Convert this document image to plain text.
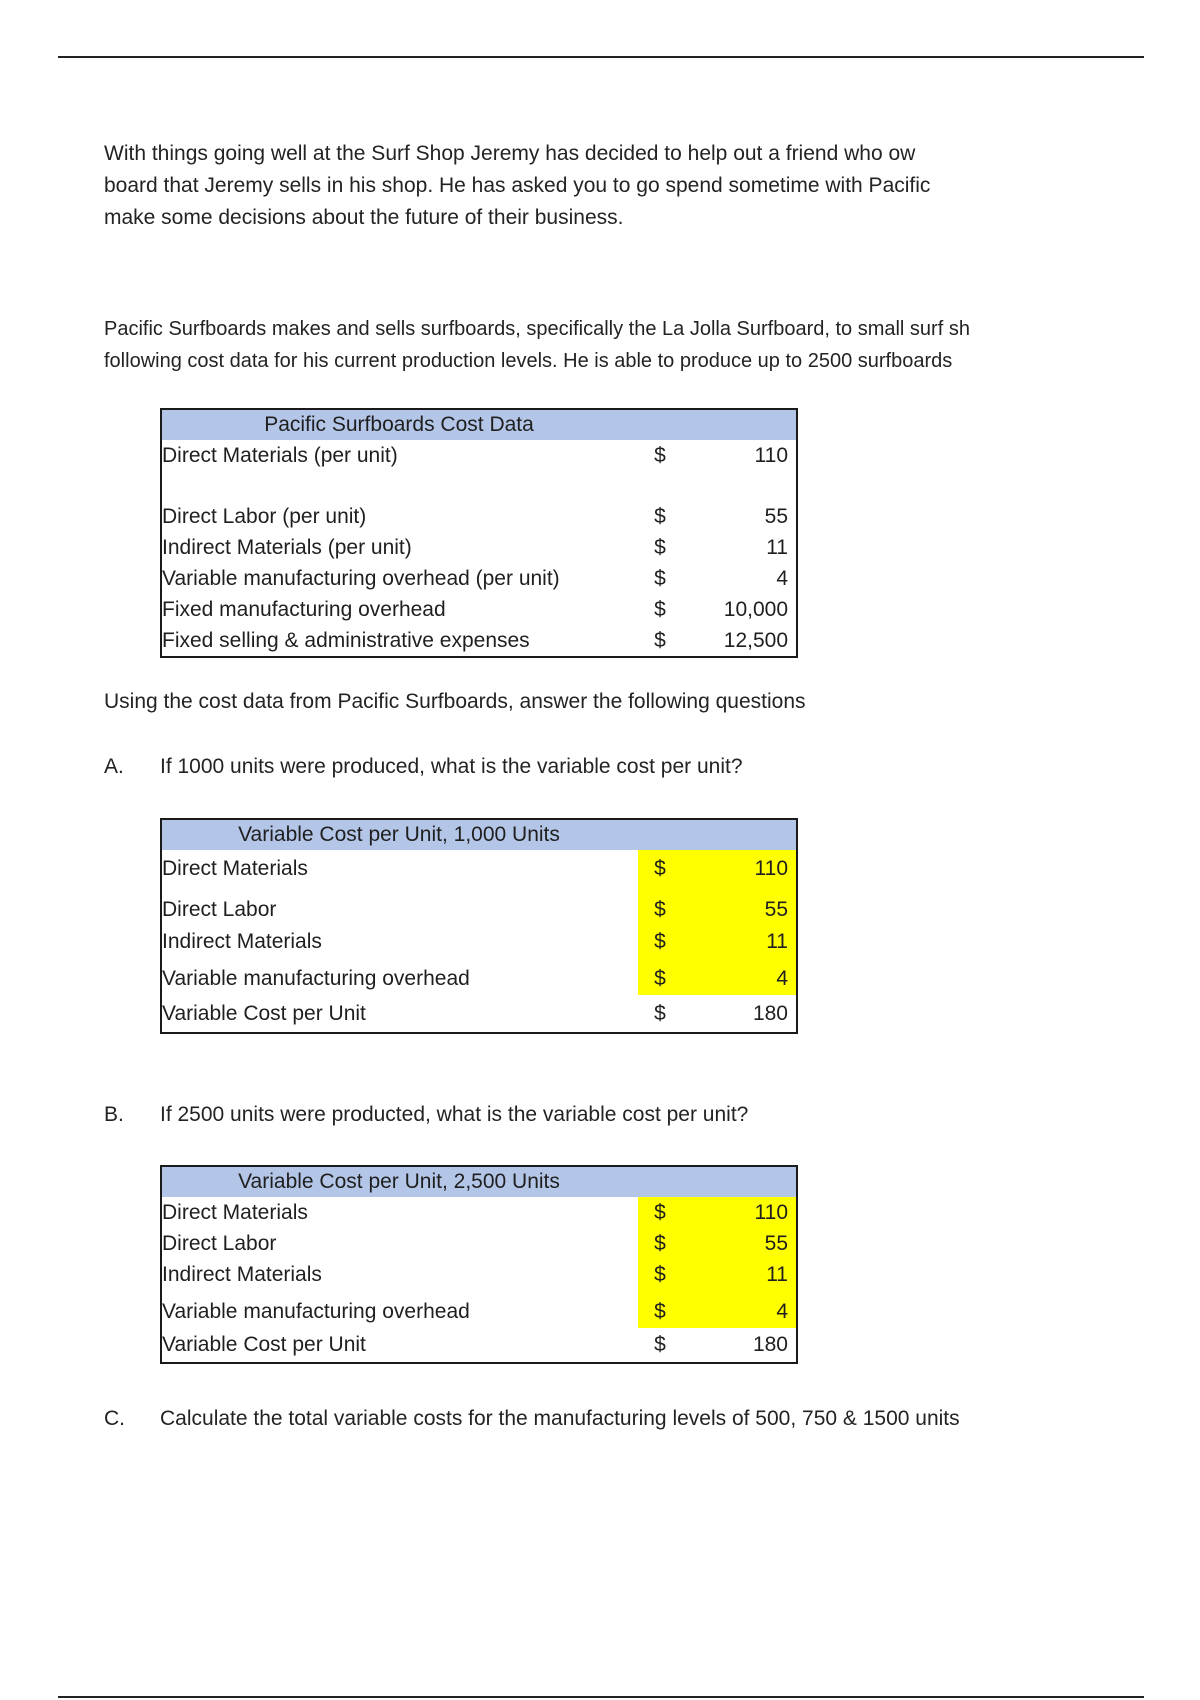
With things going well at the Surf Shop Jeremy has decided to help out a friend who ow
board that Jeremy sells in his shop. He has asked you to go spend sometime with Pacific
make some decisions about the future of their business.
Pacific Surfboards makes and sells surfboards, specifically the La Jolla Surfboard, to small surf sh
following cost data for his current production levels. He is able to produce up to 2500 surfboards
Pacific Surfboards Cost Data
Direct Materials (per unit)	$	110
Direct Labor (per unit)	$	55
Indirect Materials (per unit)	$	11
Variable manufacturing overhead (per unit)	$	4
Fixed manufacturing overhead	$	10,000
Fixed selling & administrative expenses	$	12,500
Using the cost data from Pacific Surfboards, answer the following questions
A. If 1000 units were produced, what is the variable cost per unit?
Variable Cost per Unit, 1,000 Units
Direct Materials	$	110
Direct Labor	$	55
Indirect Materials	$	11
Variable manufacturing overhead	$	4
Variable Cost per Unit	$	180
B. If 2500 units were producted, what is the variable cost per unit?
Variable Cost per Unit, 2,500 Units
Direct Materials	$	110
Direct Labor	$	55
Indirect Materials	$	11
Variable manufacturing overhead	$	4
Variable Cost per Unit	$	180
C. Calculate the total variable costs for the manufacturing levels of 500, 750 & 1500 units
